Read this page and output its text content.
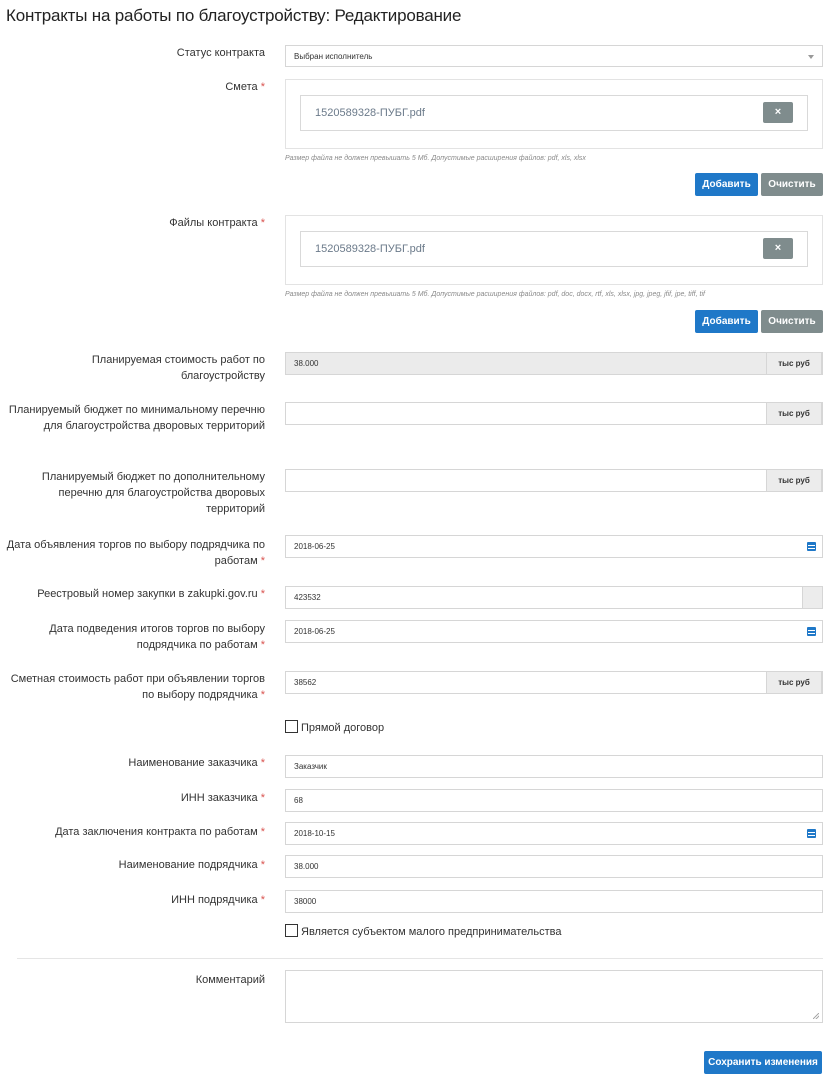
Контракты на работы по благоустройству: Редактирование
Статус контракта	Выбран исполнитель
Смета *
1520589328-ПУБГ.pdf	×
Размер файла не должен превышать 5 Мб. Допустимые расширения файлов: pdf, xls, xlsx
Добавить	Очистить
Файлы контракта *
1520589328-ПУБГ.pdf	×
Размер файла не должен превышать 5 Мб. Допустимые расширения файлов: pdf, doc, docx, rtf, xls, xlsx, jpg, jpeg, jfif, jpe, tiff, tif
Добавить	Очистить
Планируемая стоимость работ по благоустройству
38.000	тыс руб
Планируемый бюджет по минимальному перечню для благоустройства дворовых территорий
тыс руб
Планируемый бюджет по дополнительному перечню для благоустройства дворовых территорий
тыс руб
Дата объявления торгов по выбору подрядчика по работам *
2018-06-25
Реестровый номер закупки в zakupki.gov.ru *	423532
Дата подведения итогов торгов по выбору подрядчика по работам *
2018-06-25
Сметная стоимость работ при объявлении торгов по выбору подрядчика *
38562	тыс руб
Прямой договор
Наименование заказчика *	Заказчик
ИНН заказчика *	68
Дата заключения контракта по работам *	2018-10-15
Наименование подрядчика *	38.000
ИНН подрядчика *	38000
Является субъектом малого предпринимательства
Комментарий
Сохранить изменения
